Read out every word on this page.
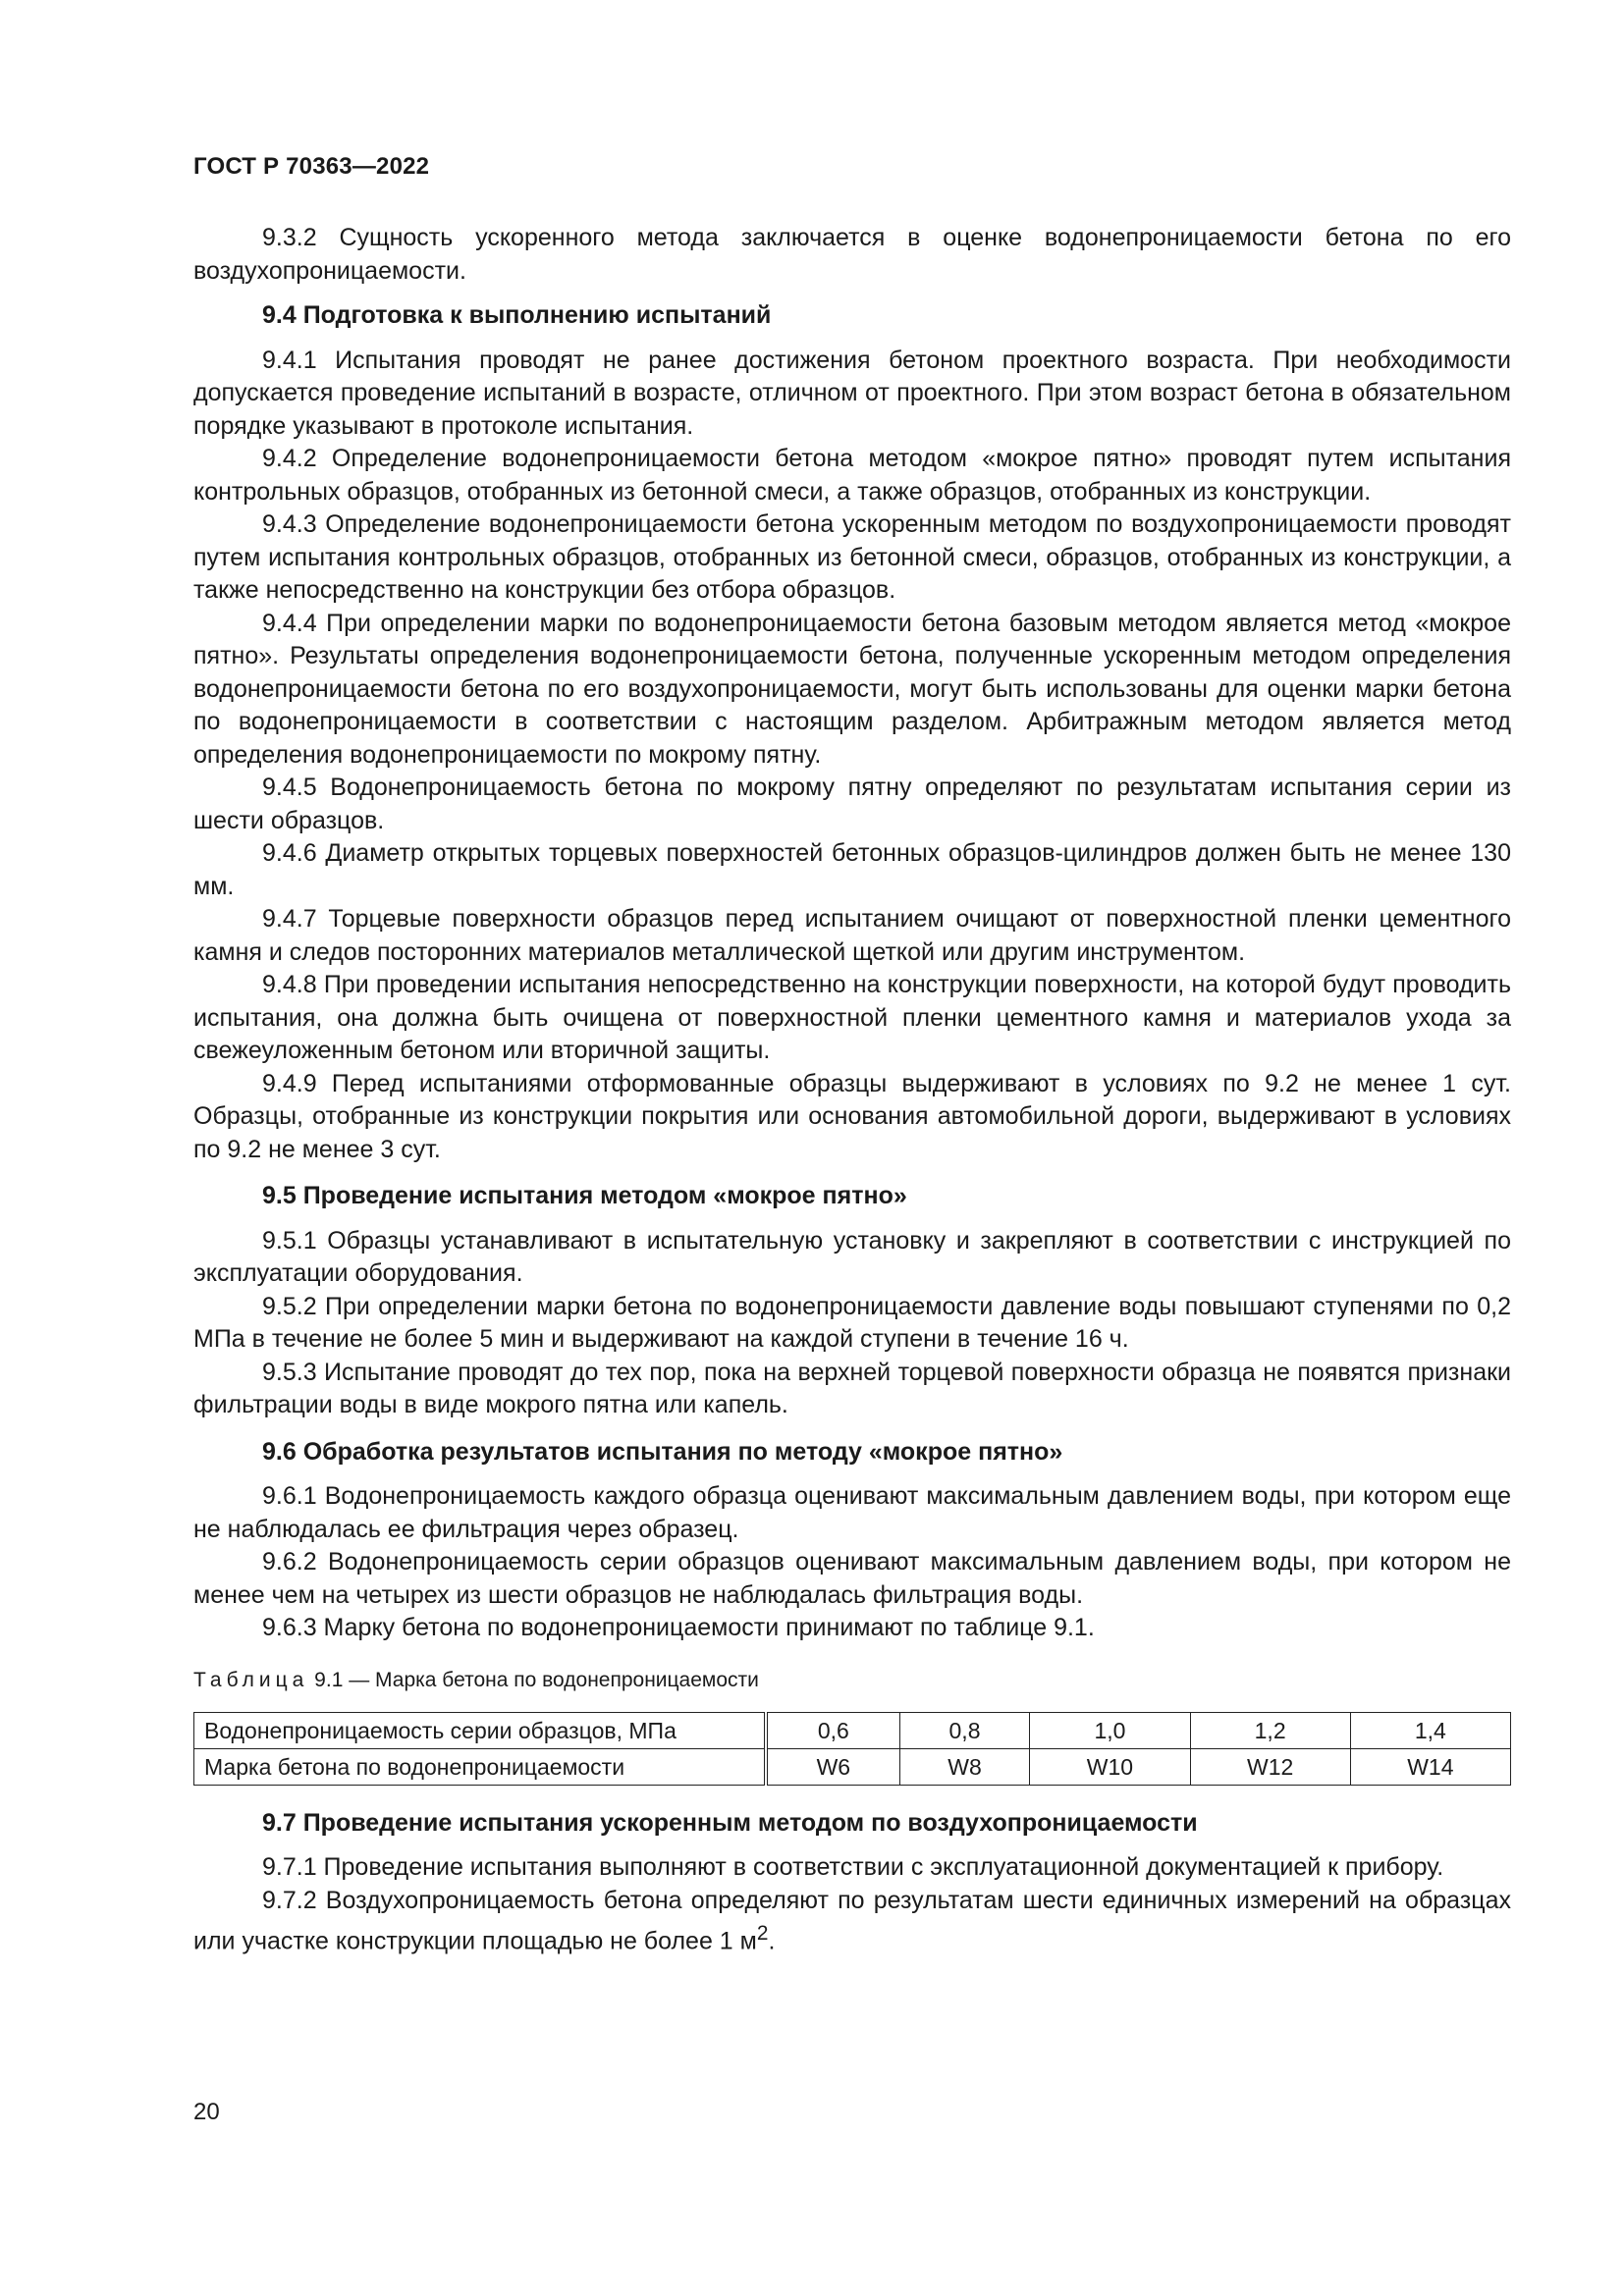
ГОСТ Р 70363—2022

9.3.2 Сущность ускоренного метода заключается в оценке водонепроницаемости бетона по его воздухопроницаемости.

9.4 Подготовка к выполнению испытаний

9.4.1 Испытания проводят не ранее достижения бетоном проектного возраста. При необходимости допускается проведение испытаний в возрасте, отличном от проектного. При этом возраст бетона в обязательном порядке указывают в протоколе испытания.

9.4.2 Определение водонепроницаемости бетона методом «мокрое пятно» проводят путем испытания контрольных образцов, отобранных из бетонной смеси, а также образцов, отобранных из конструкции.

9.4.3 Определение водонепроницаемости бетона ускоренным методом по воздухопроницаемости проводят путем испытания контрольных образцов, отобранных из бетонной смеси, образцов, отобранных из конструкции, а также непосредственно на конструкции без отбора образцов.

9.4.4 При определении марки по водонепроницаемости бетона базовым методом является метод «мокрое пятно». Результаты определения водонепроницаемости бетона, полученные ускоренным методом определения водонепроницаемости бетона по его воздухопроницаемости, могут быть использованы для оценки марки бетона по водонепроницаемости в соответствии с настоящим разделом. Арбитражным методом является метод определения водонепроницаемости по мокрому пятну.

9.4.5 Водонепроницаемость бетона по мокрому пятну определяют по результатам испытания серии из шести образцов.

9.4.6 Диаметр открытых торцевых поверхностей бетонных образцов-цилиндров должен быть не менее 130 мм.

9.4.7 Торцевые поверхности образцов перед испытанием очищают от поверхностной пленки цементного камня и следов посторонних материалов металлической щеткой или другим инструментом.

9.4.8 При проведении испытания непосредственно на конструкции поверхности, на которой будут проводить испытания, она должна быть очищена от поверхностной пленки цементного камня и материалов ухода за свежеуложенным бетоном или вторичной защиты.

9.4.9 Перед испытаниями отформованные образцы выдерживают в условиях по 9.2 не менее 1 сут. Образцы, отобранные из конструкции покрытия или основания автомобильной дороги, выдерживают в условиях по 9.2 не менее 3 сут.

9.5 Проведение испытания методом «мокрое пятно»

9.5.1 Образцы устанавливают в испытательную установку и закрепляют в соответствии с инструкцией по эксплуатации оборудования.

9.5.2 При определении марки бетона по водонепроницаемости давление воды повышают ступенями по 0,2 МПа в течение не более 5 мин и выдерживают на каждой ступени в течение 16 ч.

9.5.3 Испытание проводят до тех пор, пока на верхней торцевой поверхности образца не появятся признаки фильтрации воды в виде мокрого пятна или капель.

9.6 Обработка результатов испытания по методу «мокрое пятно»

9.6.1 Водонепроницаемость каждого образца оценивают максимальным давлением воды, при котором еще не наблюдалась ее фильтрация через образец.

9.6.2 Водонепроницаемость серии образцов оценивают максимальным давлением воды, при котором не менее чем на четырех из шести образцов не наблюдалась фильтрация воды.

9.6.3 Марку бетона по водонепроницаемости принимают по таблице 9.1.

Таблица 9.1 — Марка бетона по водонепроницаемости

Водонепроницаемость серии образцов, МПа	0,6	0,8	1,0	1,2	1,4
Марка бетона по водонепроницаемости	W6	W8	W10	W12	W14

9.7 Проведение испытания ускоренным методом по воздухопроницаемости

9.7.1 Проведение испытания выполняют в соответствии с эксплуатационной документацией к прибору.

9.7.2 Воздухопроницаемость бетона определяют по результатам шести единичных измерений на образцах или участке конструкции площадью не более 1 $м^2$.

20
